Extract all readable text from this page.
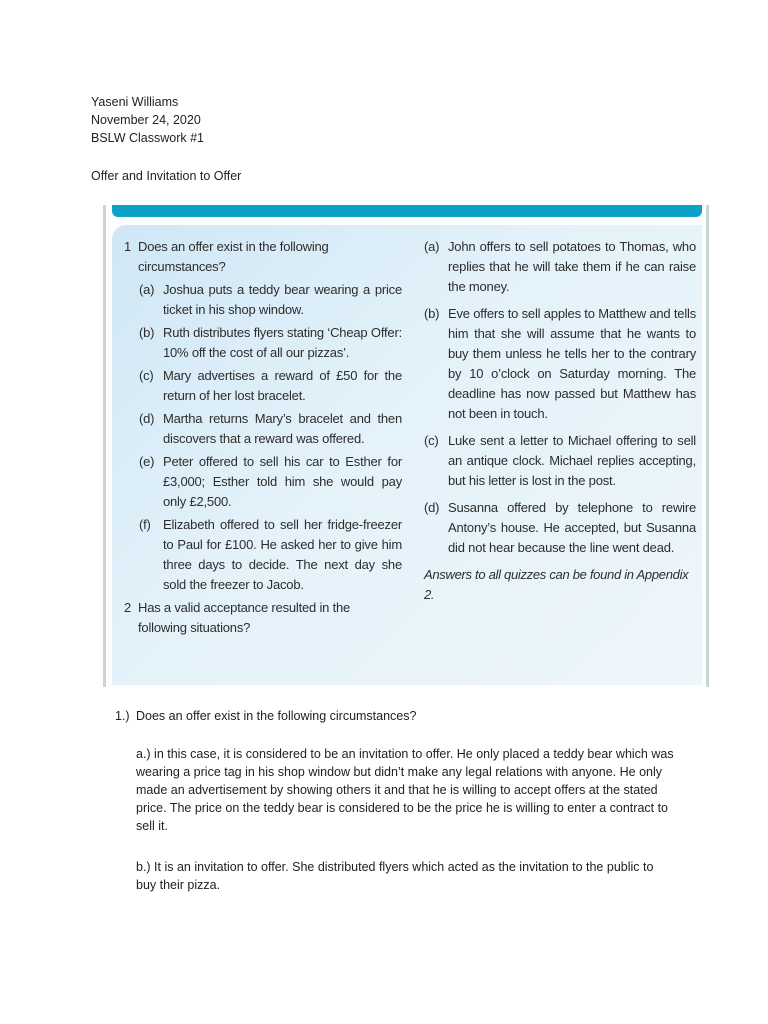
Yaseni Williams
November 24, 2020
BSLW Classwork #1
Offer and Invitation to Offer
1 Does an offer exist in the following circumstances?
(a) Joshua puts a teddy bear wearing a price ticket in his shop window.
(b) Ruth distributes flyers stating ‘Cheap Offer: 10% off the cost of all our pizzas’.
(c) Mary advertises a reward of £50 for the return of her lost bracelet.
(d) Martha returns Mary’s bracelet and then discovers that a reward was offered.
(e) Peter offered to sell his car to Esther for £3,000; Esther told him she would pay only £2,500.
(f) Elizabeth offered to sell her fridge-freezer to Paul for £100. He asked her to give him three days to decide. The next day she sold the freezer to Jacob.
2 Has a valid acceptance resulted in the following situations?
(a) John offers to sell potatoes to Thomas, who replies that he will take them if he can raise the money.
(b) Eve offers to sell apples to Matthew and tells him that she will assume that he wants to buy them unless he tells her to the contrary by 10 o’clock on Saturday morning. The deadline has now passed but Matthew has not been in touch.
(c) Luke sent a letter to Michael offering to sell an antique clock. Michael replies accepting, but his letter is lost in the post.
(d) Susanna offered by telephone to rewire Antony’s house. He accepted, but Susanna did not hear because the line went dead.
Answers to all quizzes can be found in Appendix 2.
1.) Does an offer exist in the following circumstances?
a.) in this case, it is considered to be an invitation to offer. He only placed a teddy bear which was wearing a price tag in his shop window but didn’t make any legal relations with anyone. He only made an advertisement by showing others it and that he is willing to accept offers at the stated price. The price on the teddy bear is considered to be the price he is willing to enter a contract to sell it.
b.) It is an invitation to offer. She distributed flyers which acted as the invitation to the public to buy their pizza.
